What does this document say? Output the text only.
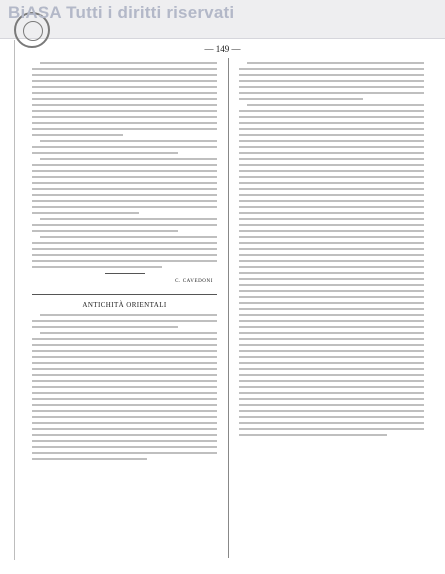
BiASA Tutti i diritti riservati
— 149 —
C. CAVEDONI
ANTICHITÀ ORIENTALI
